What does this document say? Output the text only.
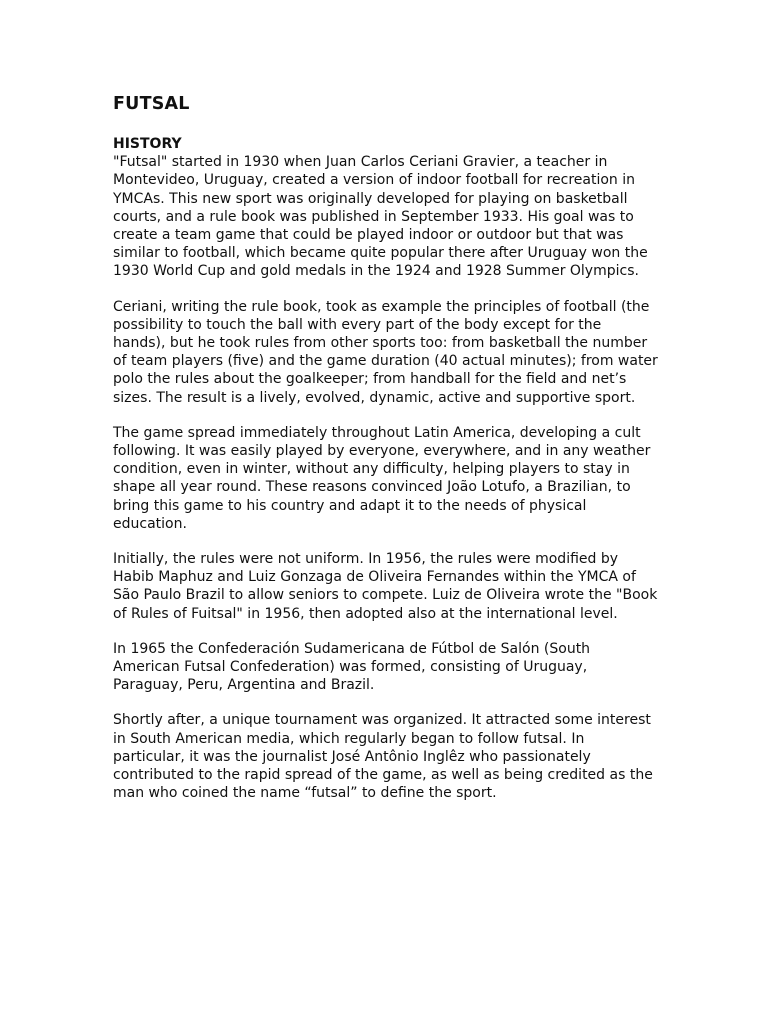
FUTSAL
HISTORY

"Futsal" started in 1930 when Juan Carlos Ceriani Gravier, a teacher in Montevideo, Uruguay, created a version of indoor football for recreation in YMCAs. This new sport was originally developed for playing on basketball courts, and a rule book was published in September 1933. His goal was to create a team game that could be played indoor or outdoor but that was similar to football, which became quite popular there after Uruguay won the 1930 World Cup and gold medals in the 1924 and 1928 Summer Olympics.

Ceriani, writing the rule book, took as example the principles of football (the possibility to touch the ball with every part of the body except for the hands), but he took rules from other sports too: from basketball the number of team players (five) and the game duration (40 actual minutes); from water polo the rules about the goalkeeper; from handball for the field and net’s sizes. The result is a lively, evolved, dynamic, active and supportive sport.

The game spread immediately throughout Latin America, developing a cult following. It was easily played by everyone, everywhere, and in any weather condition, even in winter, without any difficulty, helping players to stay in shape all year round. These reasons convinced João Lotufo, a Brazilian, to bring this game to his country and adapt it to the needs of physical education.

Initially, the rules were not uniform. In 1956, the rules were modified by Habib Maphuz and Luiz Gonzaga de Oliveira Fernandes within the YMCA of São Paulo Brazil to allow seniors to compete. Luiz de Oliveira wrote the "Book of Rules of Fuitsal" in 1956, then adopted also at the international level.

In 1965 the Confederación Sudamericana de Fútbol de Salón (South American Futsal Confederation) was formed, consisting of Uruguay, Paraguay, Peru, Argentina and Brazil.

Shortly after, a unique tournament was organized. It attracted some interest in South American media, which regularly began to follow futsal. In particular, it was the journalist José Antônio Inglêz who passionately contributed to the rapid spread of the game, as well as being credited as the man who coined the name “futsal” to define the sport.
